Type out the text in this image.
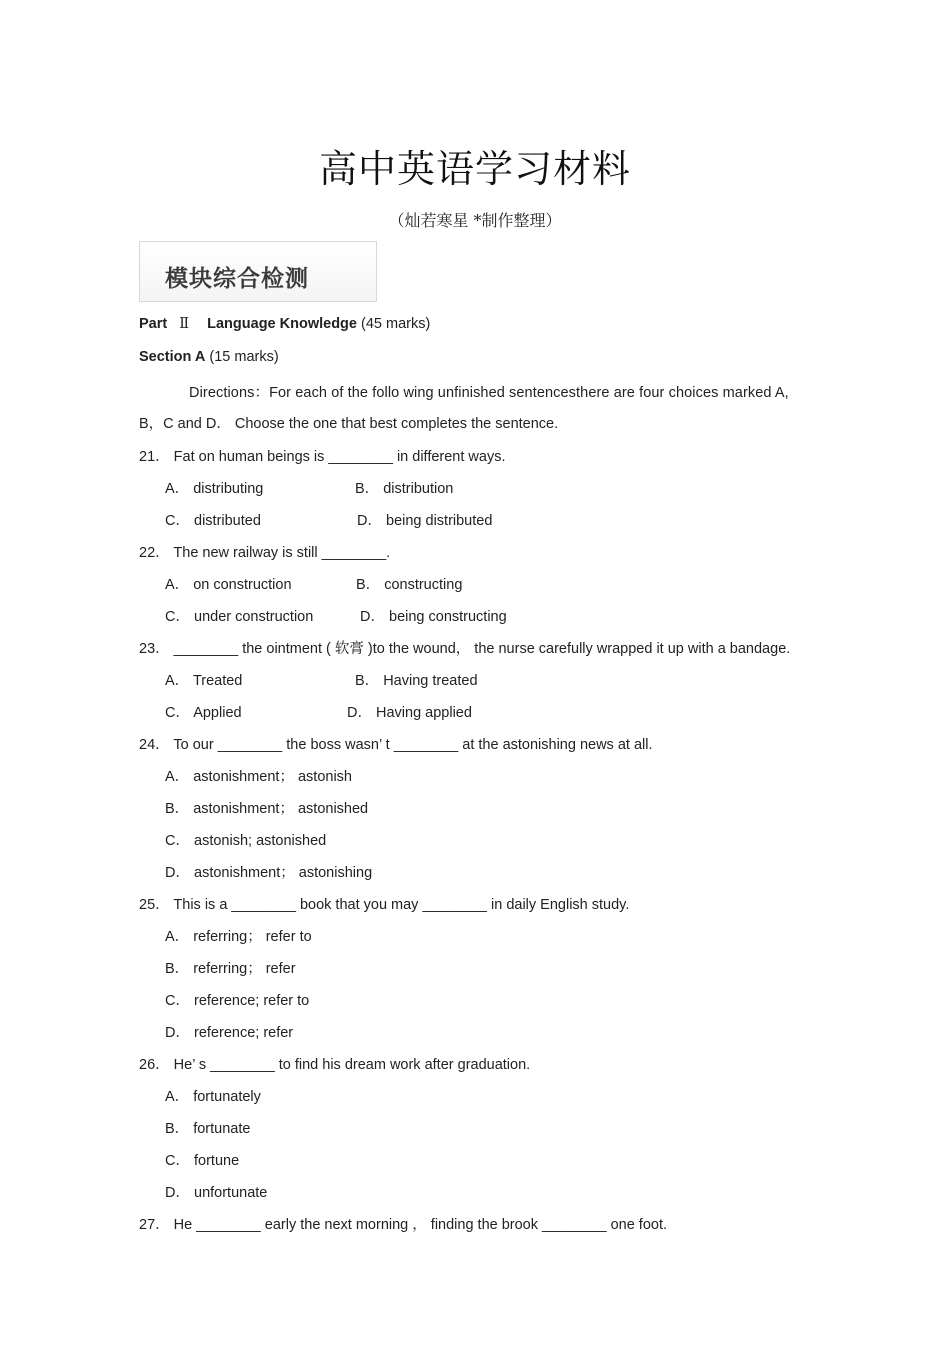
高中英语学习材料
（灿若寒星 *制作整理）
模块综合检测
Part Ⅱ Language Knowledge (45 marks)
Section A (15 marks)
Directions：For each of the follo wing unfinished sentencesthere are four choices marked A,
B，C and D． Choose the one that best completes the sentence.
21． Fat on human beings is ________ in different ways.
A． distributing	B． distribution
C． distributed	D． being distributed
22． The new railway is still ________.
A． on construction	B． constructing
C． under construction	D． being constructing
23． ________ the ointment ( 软膏 )to the wound， the nurse carefully wrapped it up with a bandage.
A． Treated	B． Having treated
C． Applied	D． Having applied
24． To our ________ the boss wasn’ t ________ at the astonishing news at all.
A． astonishment； astonish
B． astonishment； astonished
C． astonish; astonished
D． astonishment； astonishing
25． This is a ________ book that you may ________ in daily English study.
A． referring； refer to
B． referring； refer
C． reference; refer to
D． reference; refer
26． He’ s ________ to find his dream work after graduation.
A． fortunately
B． fortunate
C． fortune
D． unfortunate
27． He ________ early the next morning ， finding the brook ________ one foot.
